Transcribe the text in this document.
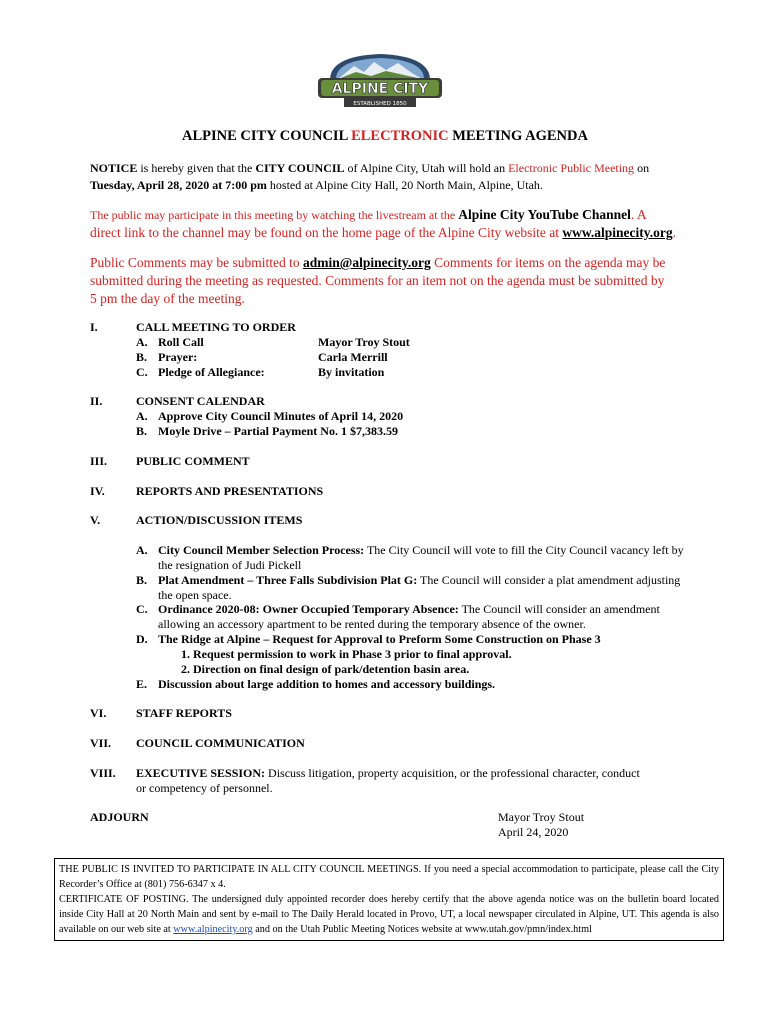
ALPINE CITY
ESTABLISHED 1850
ALPINE CITY COUNCIL ELECTRONIC MEETING AGENDA
NOTICE is hereby given that the CITY COUNCIL of Alpine City, Utah will hold an Electronic Public Meeting on
Tuesday, April 28, 2020 at 7:00 pm hosted at Alpine City Hall, 20 North Main, Alpine, Utah.
The public may participate in this meeting by watching the livestream at the Alpine City YouTube Channel. A
direct link to the channel may be found on the home page of the Alpine City website at www.alpinecity.org.
Public Comments may be submitted to admin@alpinecity.org Comments for items on the agenda may be
submitted during the meeting as requested. Comments for an item not on the agenda must be submitted by
5 pm the day of the meeting.
I.	CALL MEETING TO ORDER
A. Roll Call	Mayor Troy Stout
B. Prayer:	Carla Merrill
C. Pledge of Allegiance:	By invitation
II.	CONSENT CALENDAR
A. Approve City Council Minutes of April 14, 2020
B. Moyle Drive – Partial Payment No. 1 $7,383.59
III. PUBLIC COMMENT
IV.	REPORTS AND PRESENTATIONS
V.	ACTION/DISCUSSION ITEMS
A. City Council Member Selection Process: The City Council will vote to fill the City Council vacancy left by the resignation of Judi Pickell
B. Plat Amendment – Three Falls Subdivision Plat G: The Council will consider a plat amendment adjusting the open space.
C. Ordinance 2020-08: Owner Occupied Temporary Absence: The Council will consider an amendment allowing an accessory apartment to be rented during the temporary absence of the owner.
D. The Ridge at Alpine – Request for Approval to Preform Some Construction on Phase 3
1. Request permission to work in Phase 3 prior to final approval.
2. Direction on final design of park/detention basin area.
E. Discussion about large addition to homes and accessory buildings.
VI. STAFF REPORTS
VII. COUNCIL COMMUNICATION
VIII. EXECUTIVE SESSION: Discuss litigation, property acquisition, or the professional character, conduct
or competency of personnel.
ADJOURN	Mayor Troy Stout
April 24, 2020
THE PUBLIC IS INVITED TO PARTICIPATE IN ALL CITY COUNCIL MEETINGS. If you need a special accommodation to participate, please call the City Recorder’s Office at (801) 756-6347 x 4.
CERTIFICATE OF POSTING. The undersigned duly appointed recorder does hereby certify that the above agenda notice was on the bulletin board located inside City Hall at 20 North Main and sent by e-mail to The Daily Herald located in Provo, UT, a local newspaper circulated in Alpine, UT. This agenda is also available on our web site at www.alpinecity.org and on the Utah Public Meeting Notices website at www.utah.gov/pmn/index.html
